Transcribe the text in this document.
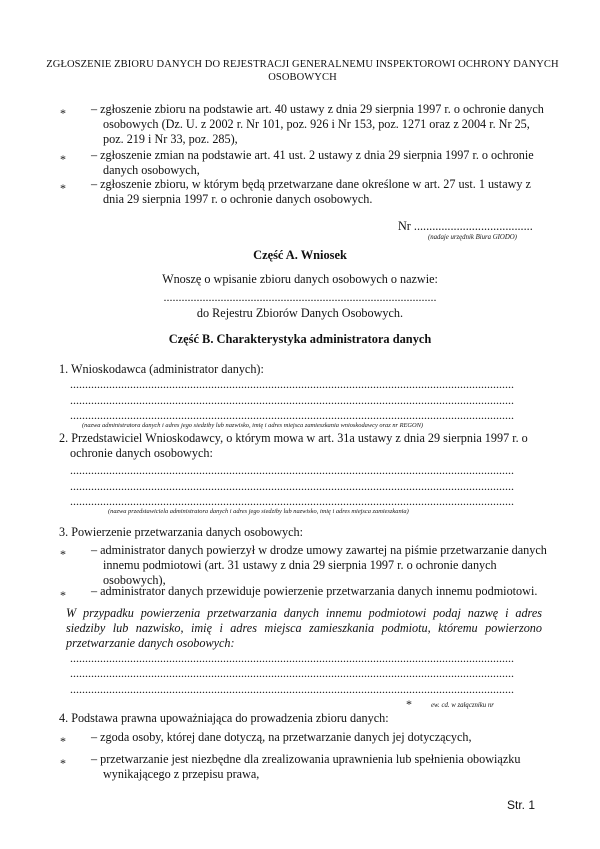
ZGŁOSZENIE ZBIORU DANYCH DO REJESTRACJI GENERALNEMU INSPEKTOROWI OCHRONY DANYCH OSOBOWYCH
* – zgłoszenie zbioru na podstawie art. 40 ustawy z dnia 29 sierpnia 1997 r. o ochronie danych osobowych (Dz. U. z 2002 r. Nr 101, poz. 926 i Nr 153, poz. 1271 oraz z 2004 r. Nr 25, poz. 219 i Nr 33, poz. 285),
* – zgłoszenie zmian na podstawie art. 41 ust. 2 ustawy z dnia 29 sierpnia 1997 r. o ochronie danych osobowych,
* – zgłoszenie zbioru, w którym będą przetwarzane dane określone w art. 27 ust. 1 ustawy z dnia 29 sierpnia 1997 r. o ochronie danych osobowych.
Nr .......................................
(nadaje urzędnik Biura GIODO)
Część A. Wniosek
Wnoszę o wpisanie zbioru danych osobowych o nazwie:
...........................................................................................
do Rejestru Zbiorów Danych Osobowych.
Część B. Charakterystyka administratora danych
1. Wnioskodawca (administrator danych):
....................................................................................................................................................
....................................................................................................................................................
....................................................................................................................................................
(nazwa administratora danych i adres jego siedziby lub nazwisko, imię i adres miejsca zamieszkania wnioskodawcy oraz nr REGON)
2. Przedstawiciel Wnioskodawcy, o którym mowa w art. 31a ustawy z dnia 29 sierpnia 1997 r. o ochronie danych osobowych:
....................................................................................................................................................
....................................................................................................................................................
....................................................................................................................................................
(nazwa przedstawiciela administratora danych i adres jego siedziby lub nazwisko, imię i adres miejsca zamieszkania)
3. Powierzenie przetwarzania danych osobowych:
* – administrator danych powierzył w drodze umowy zawartej na piśmie przetwarzanie danych innemu podmiotowi (art. 31 ustawy z dnia 29 sierpnia 1997 r. o ochronie danych osobowych),
* – administrator danych przewiduje powierzenie przetwarzania danych innemu podmiotowi.
W przypadku powierzenia przetwarzania danych innemu podmiotowi podaj nazwę i adres siedziby lub nazwisko, imię i adres miejsca zamieszkania podmiotu, któremu powierzono przetwarzanie danych osobowych:
....................................................................................................................................................
....................................................................................................................................................
....................................................................................................................................................
*	ew. cd. w załączniku nr
4. Podstawa prawna upoważniająca do prowadzenia zbioru danych:
* – zgoda osoby, której dane dotyczą, na przetwarzanie danych jej dotyczących,
* – przetwarzanie jest niezbędne dla zrealizowania uprawnienia lub spełnienia obowiązku wynikającego z przepisu prawa,
Str. 1
